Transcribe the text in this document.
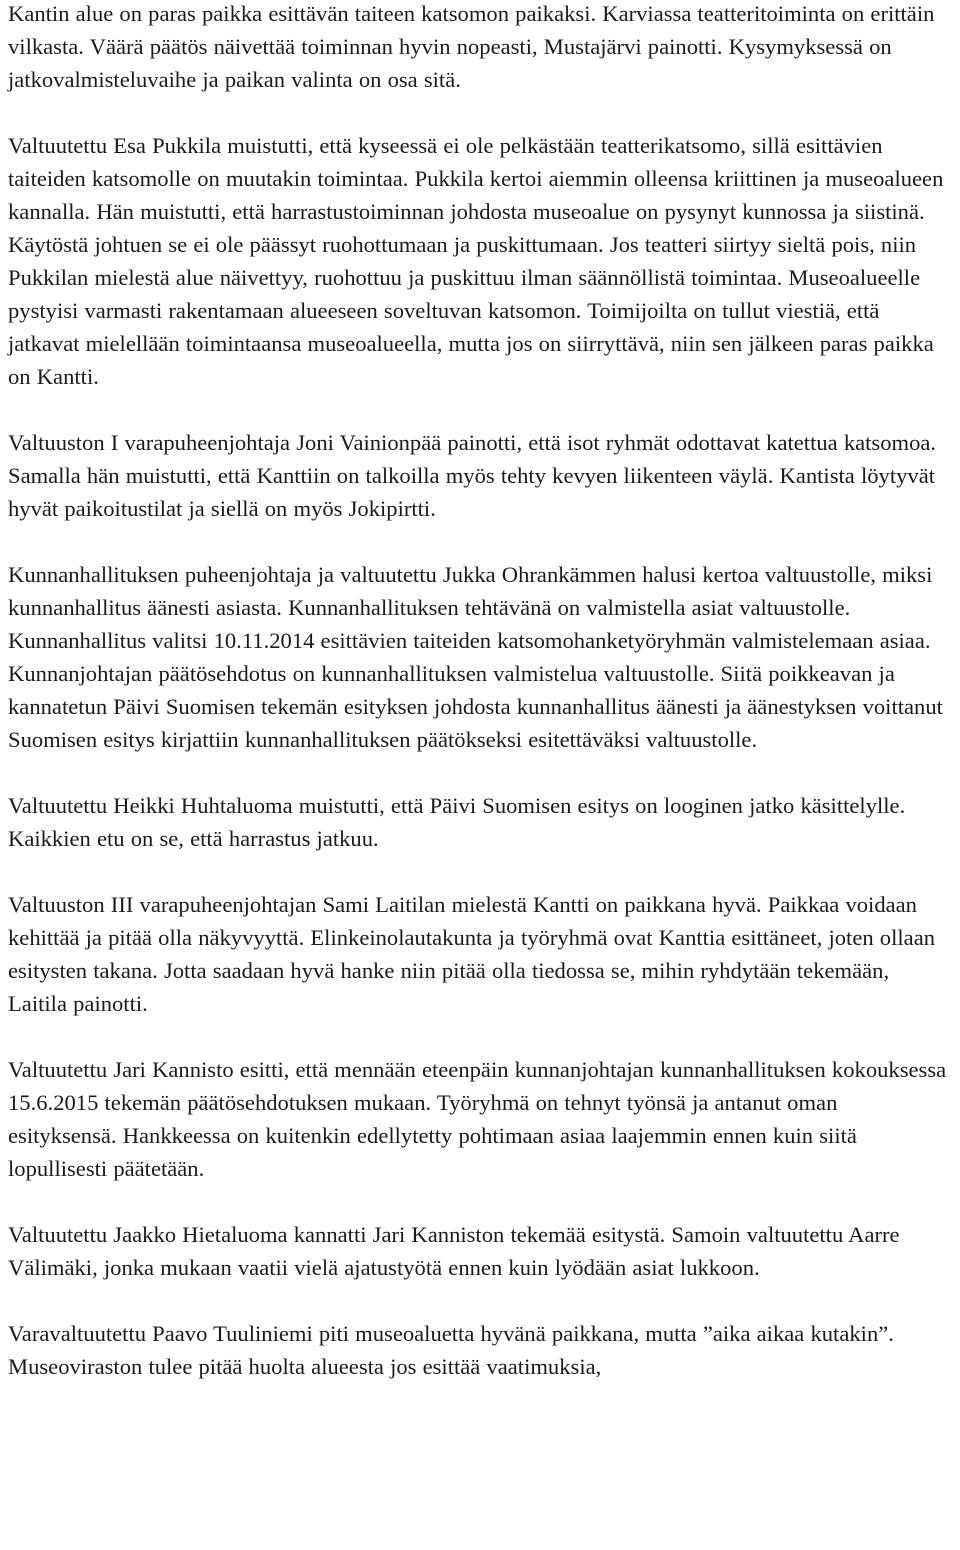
Kantin alue on paras paikka esittävän taiteen katsomon paikaksi. Karviassa teatteritoiminta on erittäin vilkasta. Väärä päätös näivettää toiminnan hyvin nopeasti, Mustajärvi painotti. Kysymyksessä on jatkovalmisteluvaihe ja paikan valinta on osa sitä.

Valtuutettu Esa Pukkila muistutti, että kyseessä ei ole pelkästään teatterikatsomo, sillä esittävien taiteiden katsomolle on muutakin toimintaa. Pukkila kertoi aiemmin olleensa kriittinen ja museoalueen kannalla. Hän muistutti, että harrastustoiminnan johdosta museoalue on pysynyt kunnossa ja siistinä. Käytöstä johtuen se ei ole päässyt ruohottumaan ja puskittumaan. Jos teatteri siirtyy sieltä pois, niin Pukkilan mielestä alue näivettyy, ruohottuu ja puskittuu ilman säännöllistä toimintaa. Museoalueelle pystyisi varmasti rakentamaan alueeseen soveltuvan katsomon. Toimijoilta on tullut viestiä, että jatkavat mielellään toimintaansa museoalueella, mutta jos on siirryttävä, niin sen jälkeen paras paikka on Kantti.

Valtuuston I varapuheenjohtaja Joni Vainionpää painotti, että isot ryhmät odottavat katettua katsomoa. Samalla hän muistutti, että Kanttiin on talkoilla myös tehty kevyen liikenteen väylä. Kantista löytyvät hyvät paikoitustilat ja siellä on myös Jokipirtti.

Kunnanhallituksen puheenjohtaja ja valtuutettu Jukka Ohrankämmen halusi kertoa valtuustolle, miksi kunnanhallitus äänesti asiasta. Kunnanhallituksen tehtävänä on valmistella asiat valtuustolle. Kunnanhallitus valitsi 10.11.2014 esittävien taiteiden katsomohanketyöryhmän valmistelemaan asiaa. Kunnanjohtajan päätösehdotus on kunnanhallituksen valmistelua valtuustolle. Siitä poikkeavan ja kannatetun Päivi Suomisen tekemän esityksen johdosta kunnanhallitus äänesti ja äänestyksen voittanut Suomisen esitys kirjattiin kunnanhallituksen päätökseksi esitettäväksi valtuustolle.

Valtuutettu Heikki Huhtaluoma muistutti, että Päivi Suomisen esitys on looginen jatko käsittelylle. Kaikkien etu on se, että harrastus jatkuu.

Valtuuston III varapuheenjohtajan Sami Laitilan mielestä Kantti on paikkana hyvä. Paikkaa voidaan kehittää ja pitää olla näkyvyyttä. Elinkeinolautakunta ja työryhmä ovat Kanttia esittäneet, joten ollaan esitysten takana. Jotta saadaan hyvä hanke niin pitää olla tiedossa se, mihin ryhdytään tekemään, Laitila painotti.

Valtuutettu Jari Kannisto esitti, että mennään eteenpäin kunnanjohtajan kunnanhallituksen kokouksessa 15.6.2015 tekemän päätösehdotuksen mukaan. Työryhmä on tehnyt työnsä ja antanut oman esityksensä. Hankkeessa on kuitenkin edellytetty pohtimaan asiaa laajemmin ennen kuin siitä lopullisesti päätetään.

Valtuutettu Jaakko Hietaluoma kannatti Jari Kanniston tekemää esitystä. Samoin valtuutettu Aarre Välimäki, jonka mukaan vaatii vielä ajatustyötä ennen kuin lyödään asiat lukkoon.

Varavaltuutettu Paavo Tuuliniemi piti museoaluetta hyvänä paikkana, mutta ”aika aikaa kutakin”. Museoviraston tulee pitää huolta alueesta jos esittää vaatimuksia,
